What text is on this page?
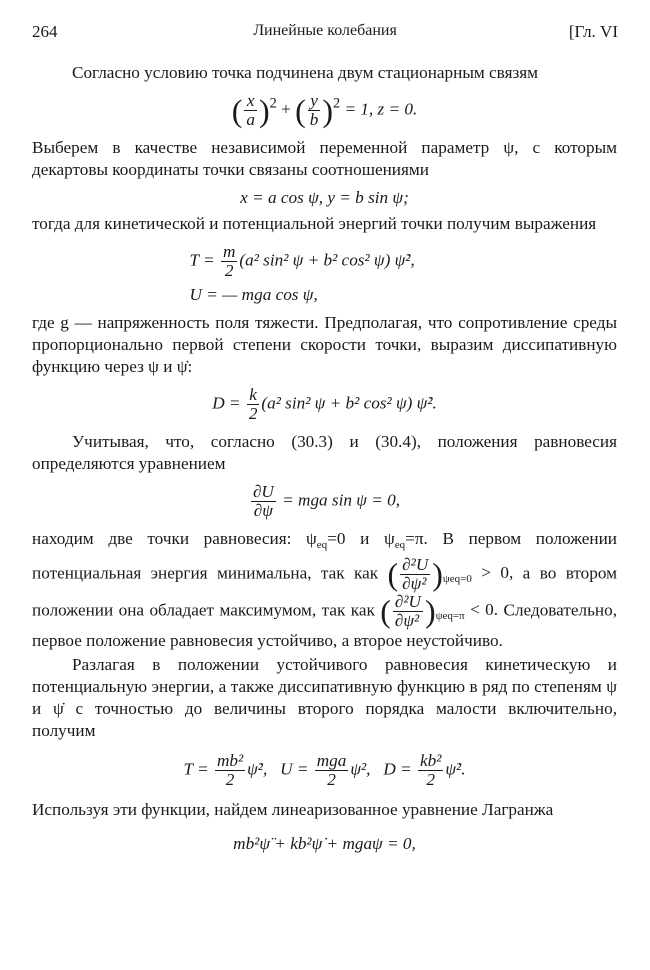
264	Линейные колебания	[Гл. VI

Согласно условию точка подчинена двум стационарным связям

( $\frac{x}{a} )^2$ + ( $\frac{y}{b} )^2 = 1$, z = 0.

Выберем в качестве независимой переменной параметр ψ, с которым декартовы координаты точки связаны соотношениями

x = a cos ψ, y = b sin ψ;

тогда для кинетической и потенциальной энергий точки получим выражения

$T = \frac{m}{2} (a^2$ sin² ψ + b² cos² ψ) ψ̇²,
U = — mga cos ψ,

где g — напряженность поля тяжести. Предполагая, что сопротивление среды пропорционально первой степени скорости точки, выразим диссипативную функцию через ψ и ψ̇:

$D = \frac{k}{2} (a^2$ sin² ψ + b² cos² ψ) ψ̇².

Учитывая, что, согласно (30.3) и (30.4), положения равновесия определяются уравнением

$\frac{\partial U}{\partial\psi}$ = mga sin ψ = 0,

находим две точки равновесия: $\psi_{eq}=0$ и $\psi_{eq}=\pi$. В первом положении потенциальная энергия минимальна, так как ( $\frac{\text{∂²U}}{\text{∂ψ²}} )_{\psi eq=0} > 0$, а во втором положении она обладает максимумом, так как ( $\frac{\text{∂²U}}{\text{∂ψ²}} )_{\psi eq=\pi} < 0$. Следовательно, первое положение равновесия устойчиво, а второе неустойчиво.

Разлагая в положении устойчивого равновесия кинетическую и потенциальную энергии, а также диссипативную функцию в ряд по степеням ψ и ψ̇ с точностью до величины второго порядка малости включительно, получим

$T = \frac{\text{mb²}}{2}$ ψ̇², $U = \frac{\text{mga}}{2} \psi^2$, $D = \frac{\text{kb²}}{2}$ ψ̇².

Используя эти функции, найдем линеаризованное уравнение Лагранжа

mb²ψ̈ + kb²ψ̇ + mgaψ = 0,
